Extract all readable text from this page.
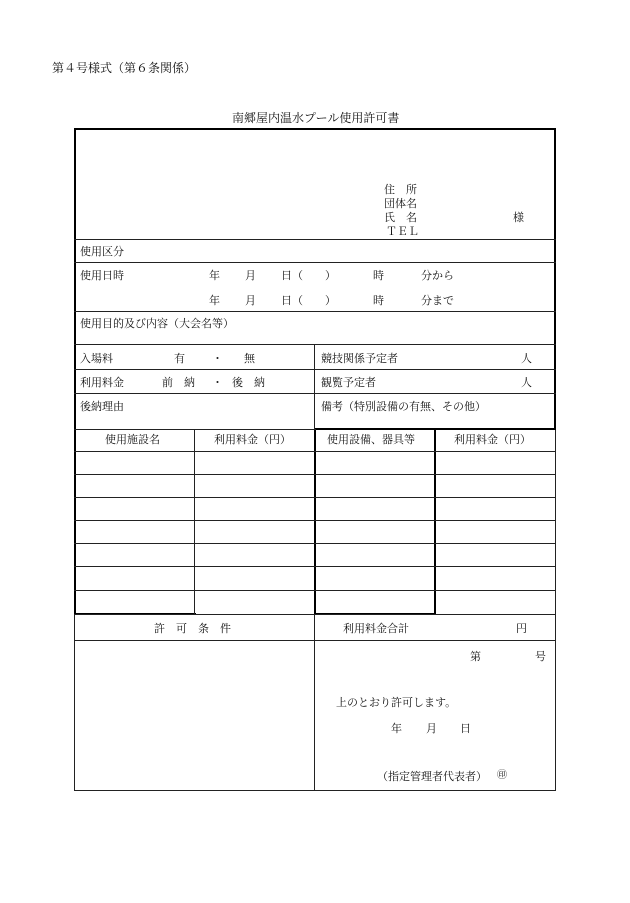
第４号様式（第６条関係）
南郷屋内温水プール使用許可書
住　所
団体名
氏　名	様
ＴＥＬ
使用区分
使用日時	年 月 日（　　）	時	分から
年 月 日（　　）	時	分まで
使用目的及び内容（大会名等）
入場料	有 ・ 無	競技関係予定者	人
利用料金	前　納 ・ 後　納	観覧予定者	人
後納理由	備考（特別設備の有無、その他）
使用施設名	利用料金（円）	使用設備、器具等	利用料金（円）
許　可　条　件	利用料金合計	円
第	号
上のとおり許可します。
年 月 日
（指定管理者代表者） ㊞
